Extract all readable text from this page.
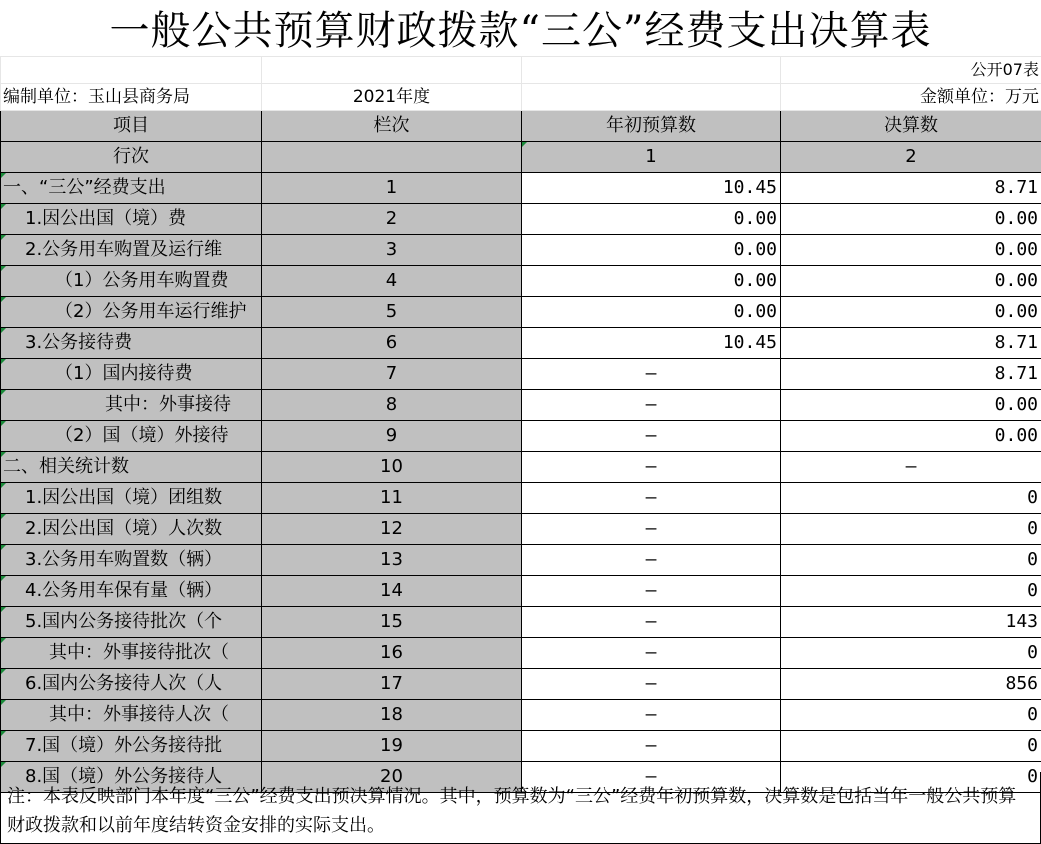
一般公共预算财政拨款“三公”经费支出决算表
			公开07表
编制单位：玉山县商务局	2021年度		金额单位：万元
项目	栏次	年初预算数	决算数
行次		1	2
一、“三公”经费支出	1	10.45	8.71
1.因公出国（境）费	2	0.00	0.00
2.公务用车购置及运行维	3	0.00	0.00
（1）公务用车购置费	4	0.00	0.00
（2）公务用车运行维护	5	0.00	0.00
3.公务接待费	6	10.45	8.71
（1）国内接待费	7	–	8.71
其中：外事接待	8	–	0.00
（2）国（境）外接待	9	–	0.00
二、相关统计数	10	–	–
1.因公出国（境）团组数	11	–	0
2.因公出国（境）人次数	12	–	0
3.公务用车购置数（辆）	13	–	0
4.公务用车保有量（辆）	14	–	0
5.国内公务接待批次（个	15	–	143
其中：外事接待批次（	16	–	0
6.国内公务接待人次（人	17	–	856
其中：外事接待人次（	18	–	0
7.国（境）外公务接待批	19	–	0
8.国（境）外公务接待人	20	–	0
注：本表反映部门本年度“三公”经费支出预决算情况。其中，预算数为“三公”经费年初预算数，决算数是包括当年一般公共预算财政拨款和以前年度结转资金安排的实际支出。
